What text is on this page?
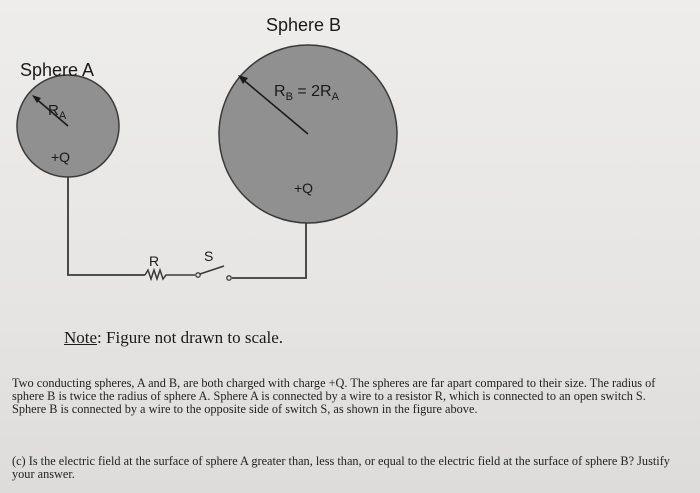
Sphere A
Sphere B
$R_A$
$R_B = 2R_A$
+Q
+Q
R	S
Note: Figure not drawn to scale.

Two conducting spheres, A and B, are both charged with charge +Q. The spheres are far apart compared to their size. The radius of sphere B is twice the radius of sphere A. Sphere A is connected by a wire to a resistor R, which is connected to an open switch S. Sphere B is connected by a wire to the opposite side of switch S, as shown in the figure above.

(c) Is the electric field at the surface of sphere A greater than, less than, or equal to the electric field at the surface of sphere B? Justify your answer.
